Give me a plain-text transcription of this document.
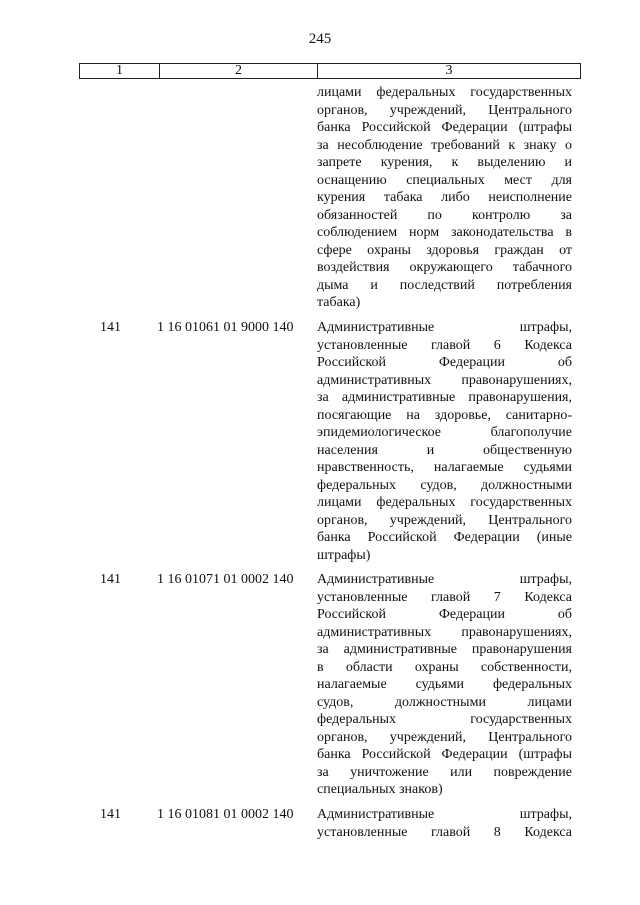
245
1	2	3
лицами федеральных государственных
органов, учреждений, Центрального
банка Российской Федерации (штрафы
за несоблюдение требований к знаку о
запрете курения, к выделению и
оснащению специальных мест для
курения табака либо неисполнение
обязанностей по контролю за
соблюдением норм законодательства в
сфере охраны здоровья граждан от
воздействия окружающего табачного
дыма и последствий потребления
табака)
141	1 16 01061 01 9000 140	Административные штрафы,
установленные главой 6 Кодекса
Российской Федерации об
административных правонарушениях,
за административные правонарушения,
посягающие на здоровье, санитарно-
эпидемиологическое благополучие
населения и общественную
нравственность, налагаемые судьями
федеральных судов, должностными
лицами федеральных государственных
органов, учреждений, Центрального
банка Российской Федерации (иные
штрафы)
141	1 16 01071 01 0002 140	Административные штрафы,
установленные главой 7 Кодекса
Российской Федерации об
административных правонарушениях,
за административные правонарушения
в области охраны собственности,
налагаемые судьями федеральных
судов, должностными лицами
федеральных государственных
органов, учреждений, Центрального
банка Российской Федерации (штрафы
за уничтожение или повреждение
специальных знаков)
141	1 16 01081 01 0002 140	Административные штрафы,
установленные главой 8 Кодекса
